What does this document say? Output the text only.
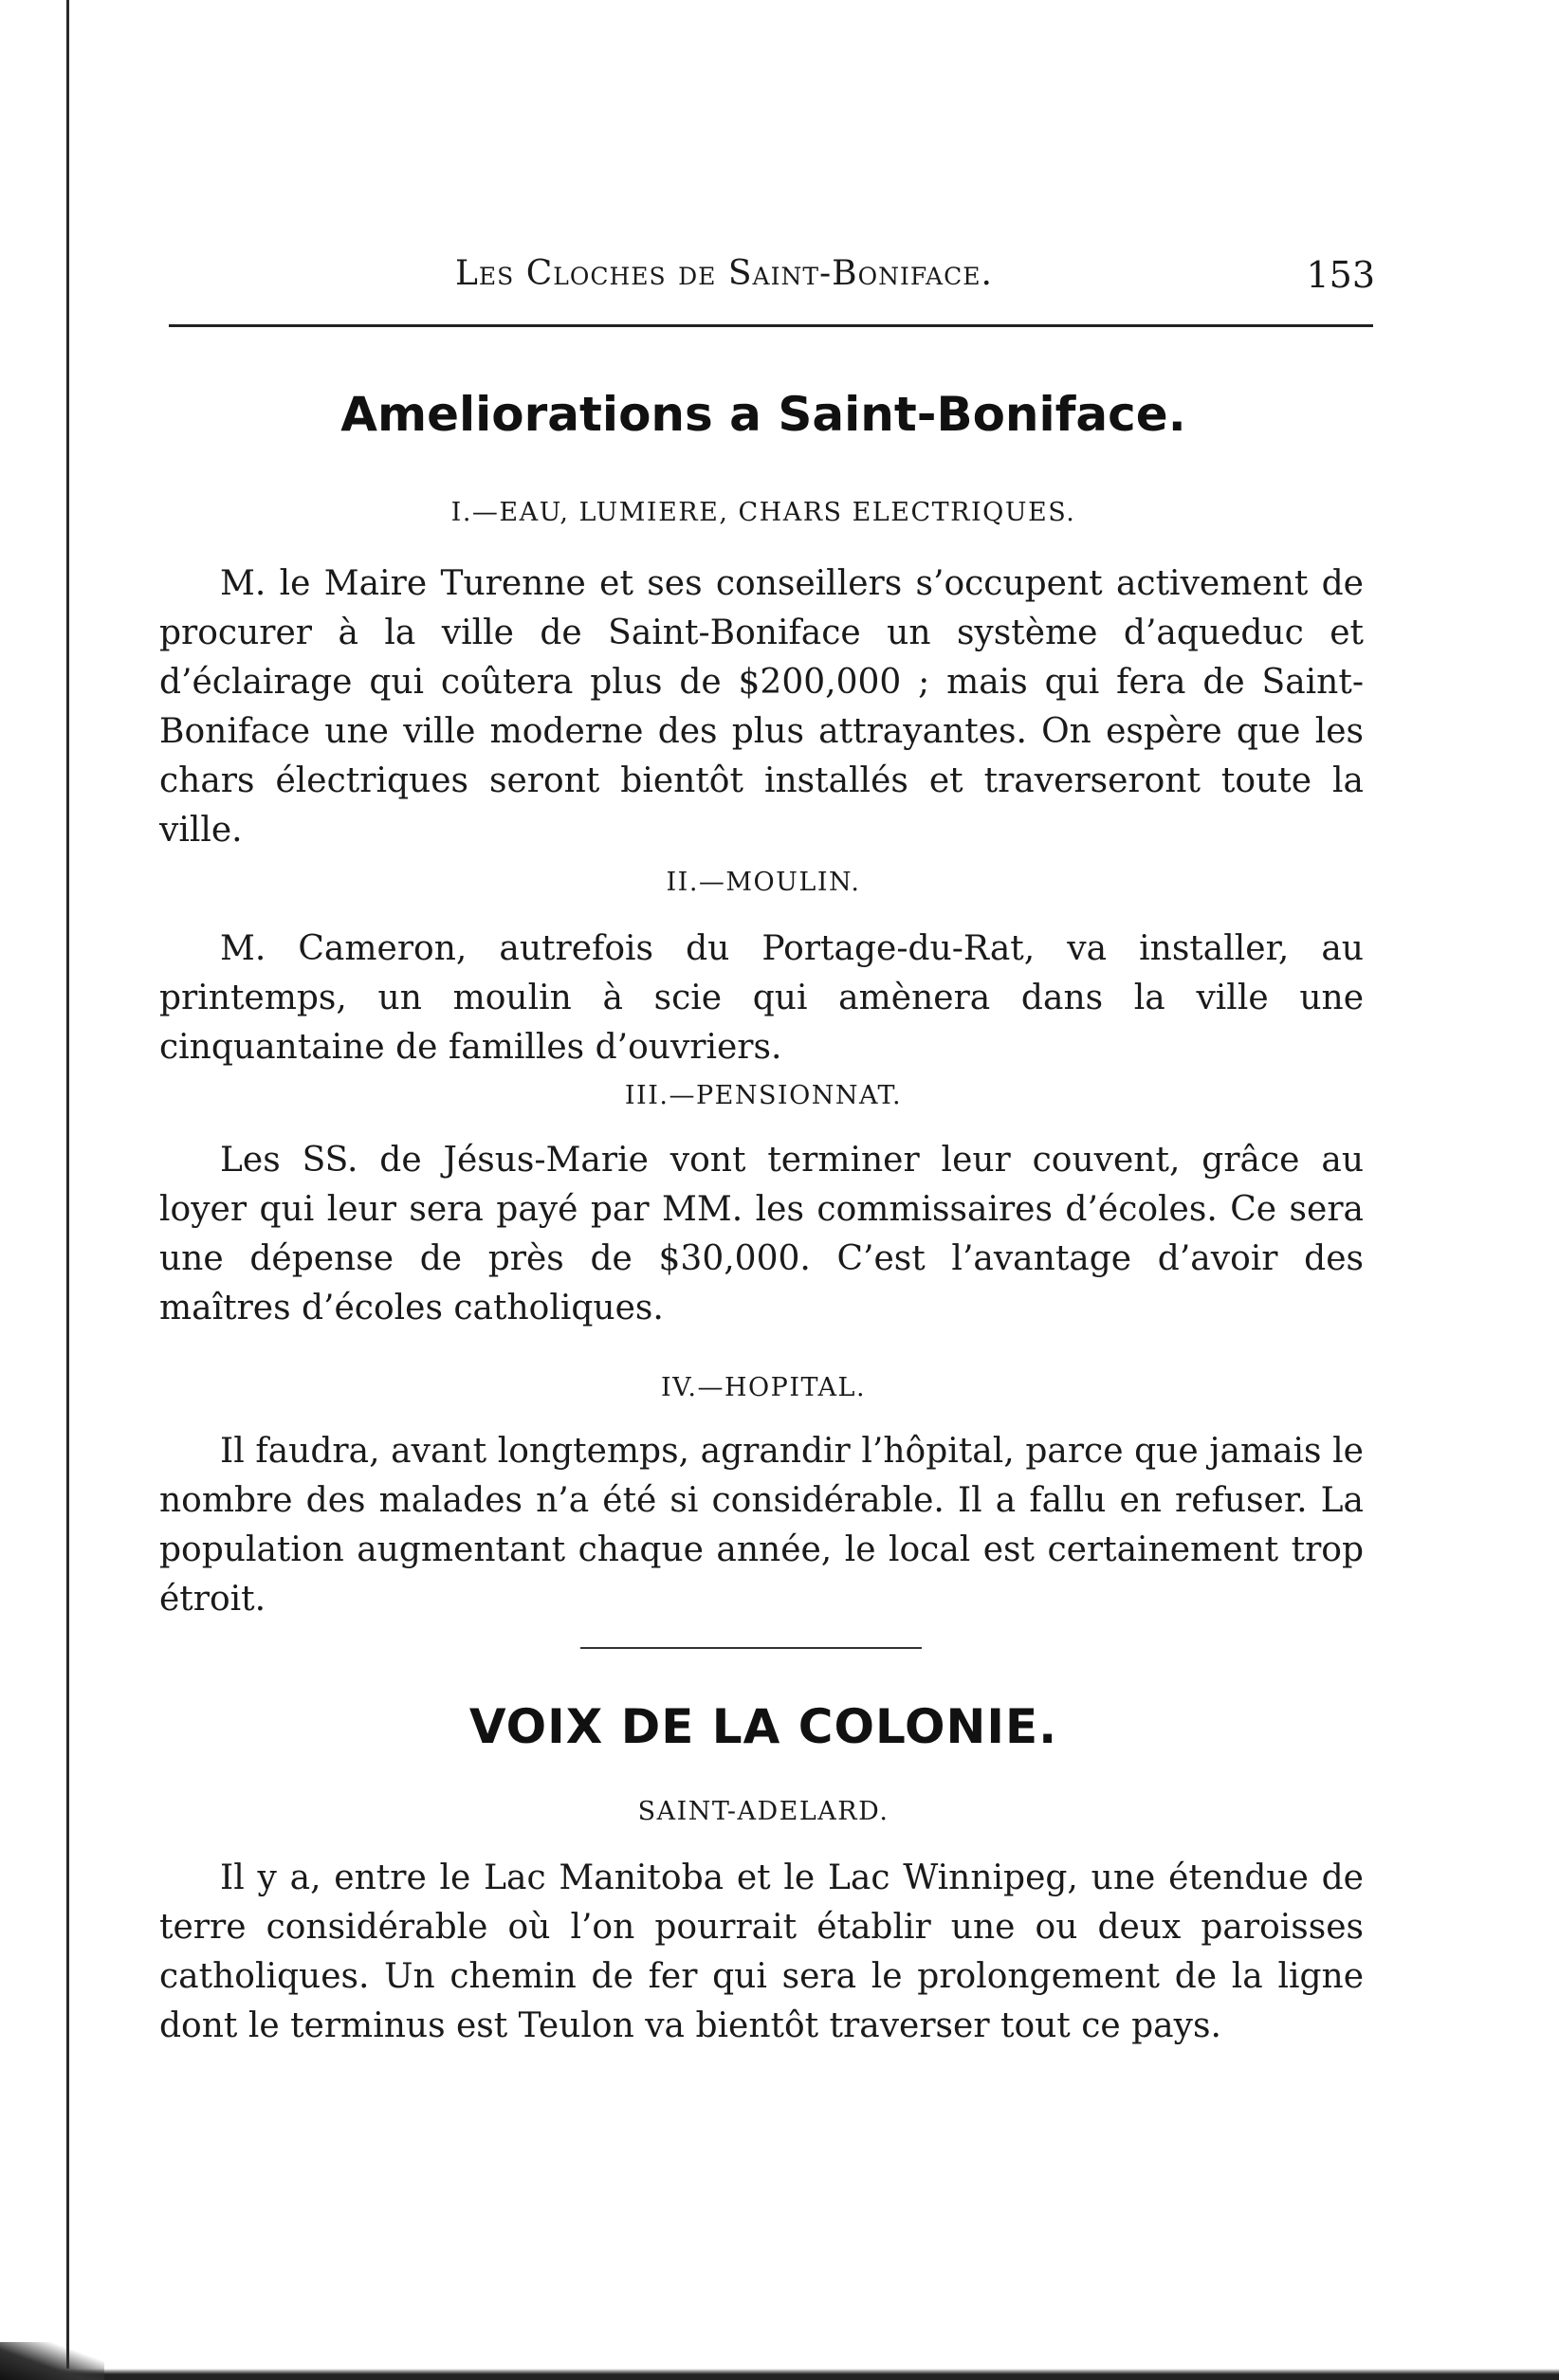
Les Cloches de Saint-Boniface.	153
Ameliorations a Saint-Boniface.
I.—EAU, LUMIERE, CHARS ELECTRIQUES.

M. le Maire Turenne et ses conseillers s’occupent activement de procurer à la ville de Saint-Boniface un système d’aqueduc et d’éclairage qui coûtera plus de $200,000 ; mais qui fera de Saint-Boniface une ville moderne des plus attrayantes. On espère que les chars électriques seront bientôt installés et traverseront toute la ville.

II.—MOULIN.

M. Cameron, autrefois du Portage-du-Rat, va installer, au printemps, un moulin à scie qui amènera dans la ville une cinquantaine de familles d’ouvriers.

III.—PENSIONNAT.

Les SS. de Jésus-Marie vont terminer leur couvent, grâce au loyer qui leur sera payé par MM. les commissaires d’écoles. Ce sera une dépense de près de $30,000. C’est l’avantage d’avoir des maîtres d’écoles catholiques.

IV.—HOPITAL.

Il faudra, avant longtemps, agrandir l’hôpital, parce que jamais le nombre des malades n’a été si considérable. Il a fallu en refuser. La population augmentant chaque année, le local est certainement trop étroit.

VOIX DE LA COLONIE.
SAINT-ADELARD.

Il y a, entre le Lac Manitoba et le Lac Winnipeg, une étendue de terre considérable où l’on pourrait établir une ou deux paroisses catholiques. Un chemin de fer qui sera le prolongement de la ligne dont le terminus est Teulon va bientôt traverser tout ce pays.
